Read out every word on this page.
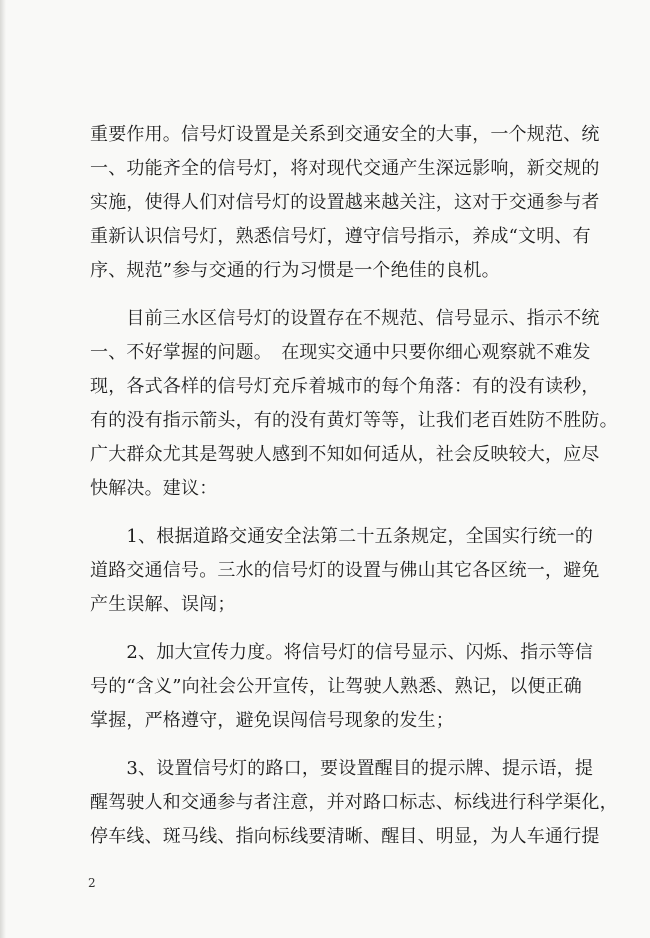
重要作用。信号灯设置是关系到交通安全的大事，一个规范、统
一、功能齐全的信号灯，将对现代交通产生深远影响，新交规的
实施，使得人们对信号灯的设置越来越关注，这对于交通参与者
重新认识信号灯，熟悉信号灯，遵守信号指示，养成“文明、有
序、规范”参与交通的行为习惯是一个绝佳的良机。
　　目前三水区信号灯的设置存在不规范、信号显示、指示不统
一、不好掌握的问题。　在现实交通中只要你细心观察就不难发
现，各式各样的信号灯充斥着城市的每个角落：有的没有读秒，
有的没有指示箭头，有的没有黄灯等等，让我们老百姓防不胜防。
广大群众尤其是驾驶人感到不知如何适从，社会反映较大，应尽
快解决。建议：
　　1、根据道路交通安全法第二十五条规定，全国实行统一的
道路交通信号。三水的信号灯的设置与佛山其它各区统一，避免
产生误解、误闯；
　　2、加大宣传力度。将信号灯的信号显示、闪烁、指示等信
号的“含义”向社会公开宣传，让驾驶人熟悉、熟记，以便正确
掌握，严格遵守，避免误闯信号现象的发生；
　　3、设置信号灯的路口，要设置醒目的提示牌、提示语，提
醒驾驶人和交通参与者注意，并对路口标志、标线进行科学渠化，
停车线、斑马线、指向标线要清晰、醒目、明显，为人车通行提
2
